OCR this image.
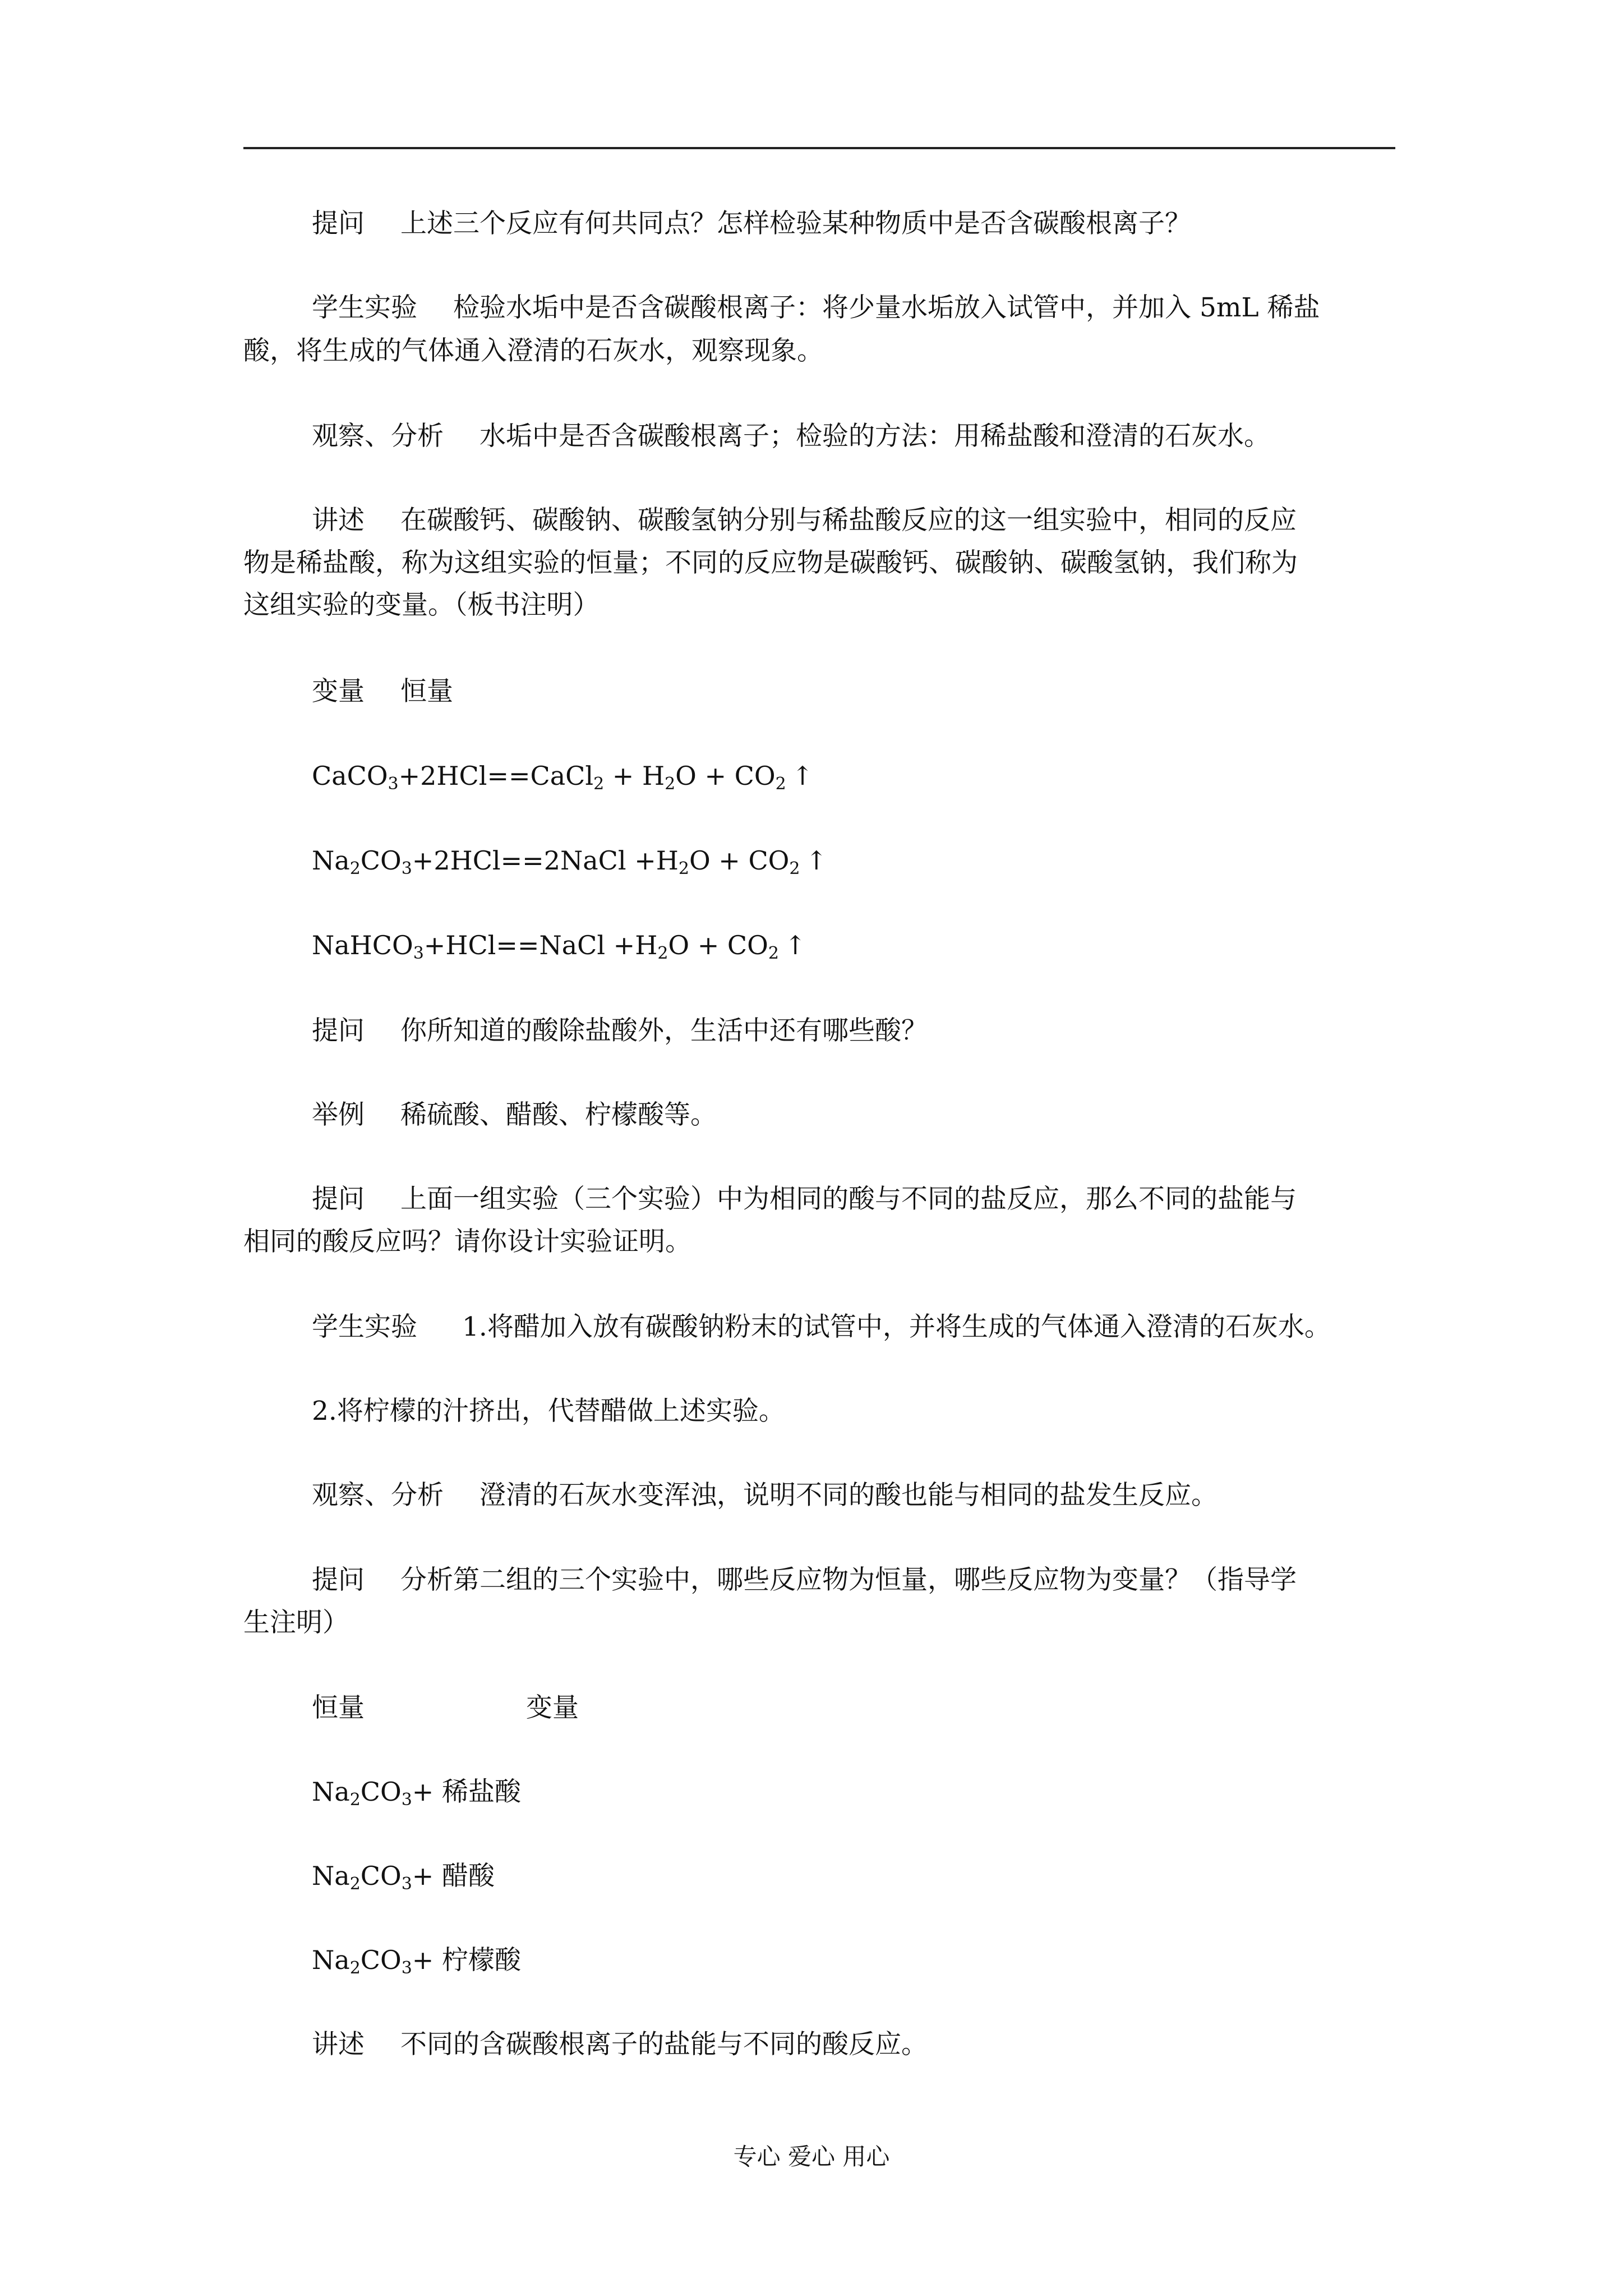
提问 上述三个反应有何共同点？怎样检验某种物质中是否含碳酸根离子？
学生实验 检验水垢中是否含碳酸根离子：将少量水垢放入试管中，并加入 5mL 稀盐
酸，将生成的气体通入澄清的石灰水，观察现象。
观察、分析 水垢中是否含碳酸根离子；检验的方法：用稀盐酸和澄清的石灰水。
讲述 在碳酸钙、碳酸钠、碳酸氢钠分别与稀盐酸反应的这一组实验中，相同的反应
物是稀盐酸，称为这组实验的恒量；不同的反应物是碳酸钙、碳酸钠、碳酸氢钠，我们称为
这组实验的变量。（板书注明）
变量 恒量
CaCO$_3$+2HCl==CaCl$_2$ + $H_2O + CO_2$ ↑
$Na_2CO_3+2HCl==2NaCl +H_2O + CO_2$ ↑
NaHCO$_3$+HCl==NaCl $+H_2O + CO_2$ ↑
提问 你所知道的酸除盐酸外，生活中还有哪些酸？
举例 稀硫酸、醋酸、柠檬酸等。
提问 上面一组实验（三个实验）中为相同的酸与不同的盐反应，那么不同的盐能与
相同的酸反应吗？请你设计实验证明。
学生实验 1.将醋加入放有碳酸钠粉末的试管中，并将生成的气体通入澄清的石灰水。
2.将柠檬的汁挤出，代替醋做上述实验。
观察、分析 澄清的石灰水变浑浊，说明不同的酸也能与相同的盐发生反应。
提问 分析第二组的三个实验中，哪些反应物为恒量，哪些反应物为变量？（指导学
生注明）
恒量	变量
$Na_2CO_3+$ 稀盐酸
$Na_2CO_3+$ 醋酸
$Na_2CO_3+$ 柠檬酸
讲述 不同的含碳酸根离子的盐能与不同的酸反应。
专心 爱心 用心
